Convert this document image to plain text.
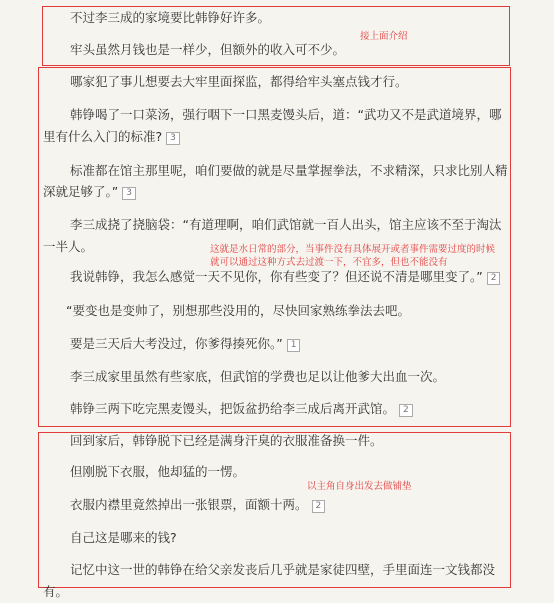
不过李三成的家境要比韩铮好许多。
牢头虽然月钱也是一样少，但额外的收入可不少。
接上面介绍
哪家犯了事儿想要去大牢里面探监，都得给牢头塞点钱才行。
韩铮喝了一口菜汤，强行咽下一口黑麦馒头后，道：“武功又不是武道境界，哪
里有什么入门的标准? 3
标准都在馆主那里呢，咱们要做的就是尽量掌握拳法，不求精深，只求比别人精
深就足够了。” 3
李三成挠了挠脑袋：“有道理啊，咱们武馆就一百人出头，馆主应该不至于淘汰
一半人。	这就是水日常的部分，当事件没有具体展开或者事件需要过度的时候
就可以通过这种方式去过渡一下，不宜多，但也不能没有
我说韩铮，我怎么感觉一天不见你，你有些变了？但还说不清是哪里变了。” 2
“要变也是变帅了，别想那些没用的，尽快回家熟练拳法去吧。
要是三天后大考没过，你爹得揍死你。” 1
李三成家里虽然有些家底，但武馆的学费也足以让他爹大出血一次。
韩铮三两下吃完黑麦馒头，把饭盆扔给李三成后离开武馆。 2
回到家后，韩铮脱下已经是满身汗臭的衣服准备换一件。
但刚脱下衣服，他却猛的一愣。
以主角自身出发去做铺垫
衣服内襟里竟然掉出一张银票，面额十两。 2
自己这是哪来的钱?
记忆中这一世的韩铮在给父亲发丧后几乎就是家徒四壁，手里面连一文钱都没
有。
